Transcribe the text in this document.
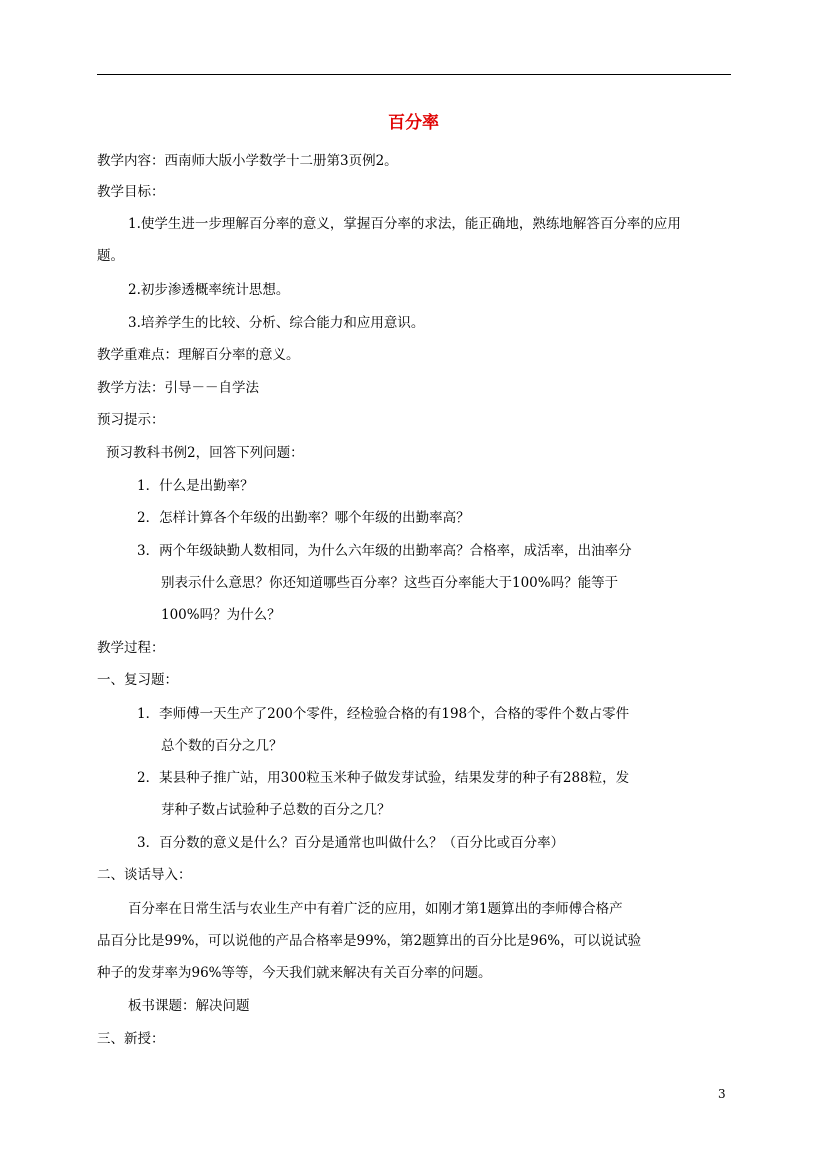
百分率
教学内容：西南师大版小学数学十二册第3页例2。
教学目标：
1.使学生进一步理解百分率的意义，掌握百分率的求法，能正确地，熟练地解答百分率的应用
题。
2.初步渗透概率统计思想。
3.培养学生的比较、分析、综合能力和应用意识。
教学重难点：理解百分率的意义。
教学方法：引导－－自学法
预习提示：
预习教科书例2，回答下列问题：
1．什么是出勤率？
2．怎样计算各个年级的出勤率？哪个年级的出勤率高？
3．两个年级缺勤人数相同，为什么六年级的出勤率高？合格率，成活率，出油率分
别表示什么意思？你还知道哪些百分率？这些百分率能大于100%吗？能等于
100%吗？为什么？
教学过程：
一、复习题：
1．李师傅一天生产了200个零件，经检验合格的有198个，合格的零件个数占零件
总个数的百分之几？
2．某县种子推广站，用300粒玉米种子做发芽试验，结果发芽的种子有288粒，发
芽种子数占试验种子总数的百分之几？
3．百分数的意义是什么？百分是通常也叫做什么？（百分比或百分率）
二、谈话导入：
百分率在日常生活与农业生产中有着广泛的应用，如刚才第1题算出的李师傅合格产
品百分比是99%，可以说他的产品合格率是99%，第2题算出的百分比是96%，可以说试验
种子的发芽率为96%等等，今天我们就来解决有关百分率的问题。
板书课题：解决问题
三、新授：
3
